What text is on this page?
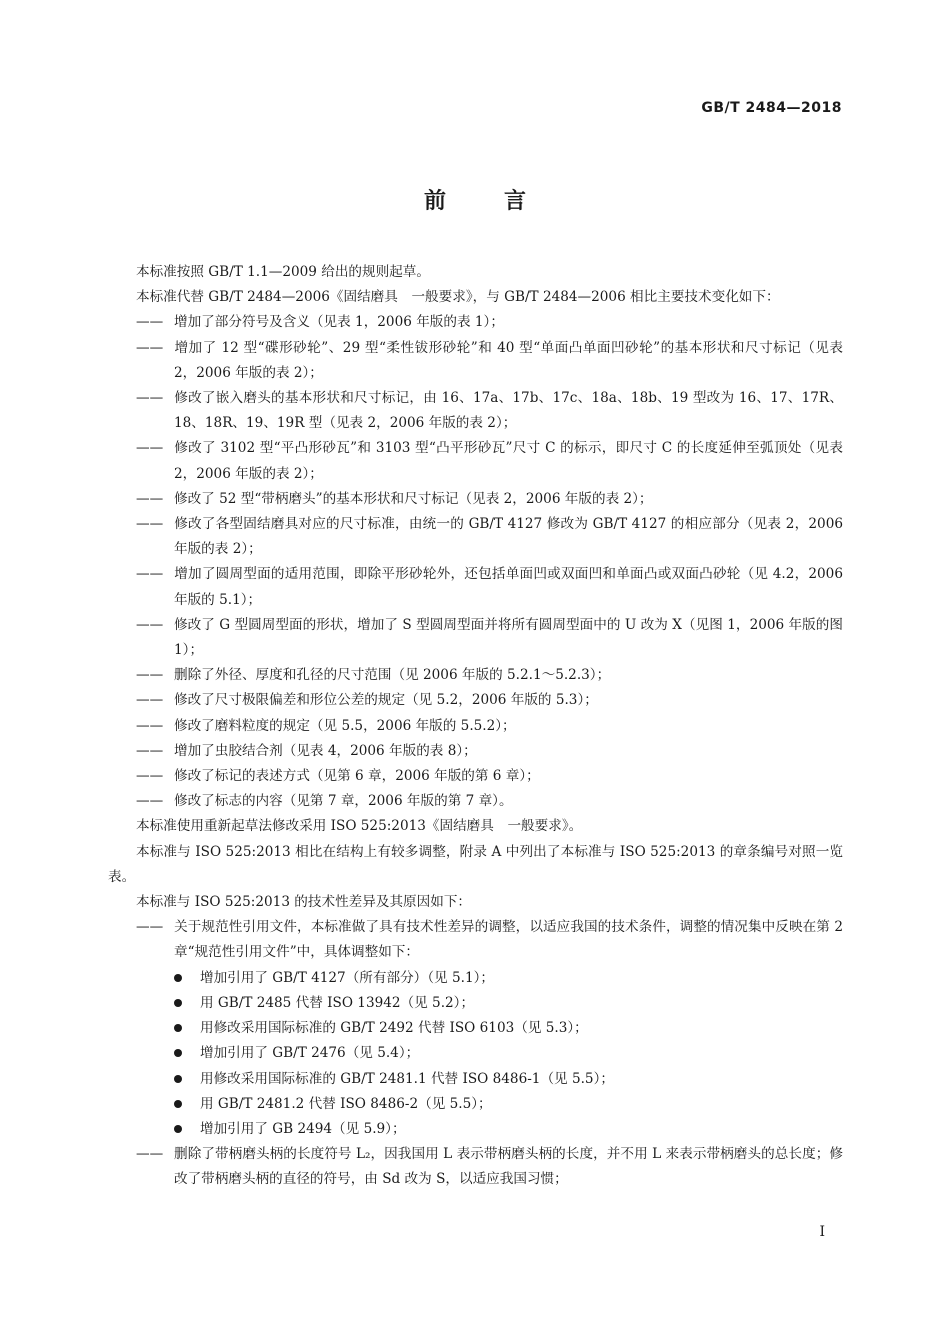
GB/T 2484—2018
前言

本标准按照 GB/T 1.1—2009 给出的规则起草。

本标准代替 GB/T 2484—2006《固结磨具　一般要求》，与 GB/T 2484—2006 相比主要技术变化如下：

—— 增加了部分符号及含义（见表 1，2006 年版的表 1）；

—— 增加了 12 型“碟形砂轮”、29 型“柔性钹形砂轮”和 40 型“单面凸单面凹砂轮”的基本形状和尺寸标记（见表 2，2006 年版的表 2）；

—— 修改了嵌入磨头的基本形状和尺寸标记，由 16、17a、17b、17c、18a、18b、19 型改为 16、17、17R、18、18R、19、19R 型（见表 2，2006 年版的表 2）；

—— 修改了 3102 型“平凸形砂瓦”和 3103 型“凸平形砂瓦”尺寸 C 的标示，即尺寸 C 的长度延伸至弧顶处（见表 2，2006 年版的表 2）；

—— 修改了 52 型“带柄磨头”的基本形状和尺寸标记（见表 2，2006 年版的表 2）；

—— 修改了各型固结磨具对应的尺寸标准，由统一的 GB/T 4127 修改为 GB/T 4127 的相应部分（见表 2，2006 年版的表 2）；

—— 增加了圆周型面的适用范围，即除平形砂轮外，还包括单面凹或双面凹和单面凸或双面凸砂轮（见 4.2，2006 年版的 5.1）；

—— 修改了 G 型圆周型面的形状，增加了 S 型圆周型面并将所有圆周型面中的 U 改为 X（见图 1，2006 年版的图 1）；

—— 删除了外径、厚度和孔径的尺寸范围（见 2006 年版的 5.2.1～5.2.3）；

—— 修改了尺寸极限偏差和形位公差的规定（见 5.2，2006 年版的 5.3）；

—— 修改了磨料粒度的规定（见 5.5，2006 年版的 5.5.2）；

—— 增加了虫胶结合剂（见表 4，2006 年版的表 8）；

—— 修改了标记的表述方式（见第 6 章，2006 年版的第 6 章）；

—— 修改了标志的内容（见第 7 章，2006 年版的第 7 章）。

本标准使用重新起草法修改采用 ISO 525:2013《固结磨具　一般要求》。

本标准与 ISO 525:2013 相比在结构上有较多调整，附录 A 中列出了本标准与 ISO 525:2013 的章条编号对照一览表。

本标准与 ISO 525:2013 的技术性差异及其原因如下：

—— 关于规范性引用文件，本标准做了具有技术性差异的调整，以适应我国的技术条件，调整的情况集中反映在第 2 章“规范性引用文件”中，具体调整如下：

增加引用了 GB/T 4127（所有部分）（见 5.1）；
用 GB/T 2485 代替 ISO 13942（见 5.2）；
用修改采用国际标准的 GB/T 2492 代替 ISO 6103（见 5.3）；
增加引用了 GB/T 2476（见 5.4）；
用修改采用国际标准的 GB/T 2481.1 代替 ISO 8486-1（见 5.5）；
用 GB/T 2481.2 代替 ISO 8486-2（见 5.5）；
增加引用了 GB 2494（见 5.9）；

—— 删除了带柄磨头柄的长度符号 L₂，因我国用 L 表示带柄磨头柄的长度，并不用 L 来表示带柄磨头的总长度；修改了带柄磨头柄的直径的符号，由 Sd 改为 S，以适应我国习惯；

I
